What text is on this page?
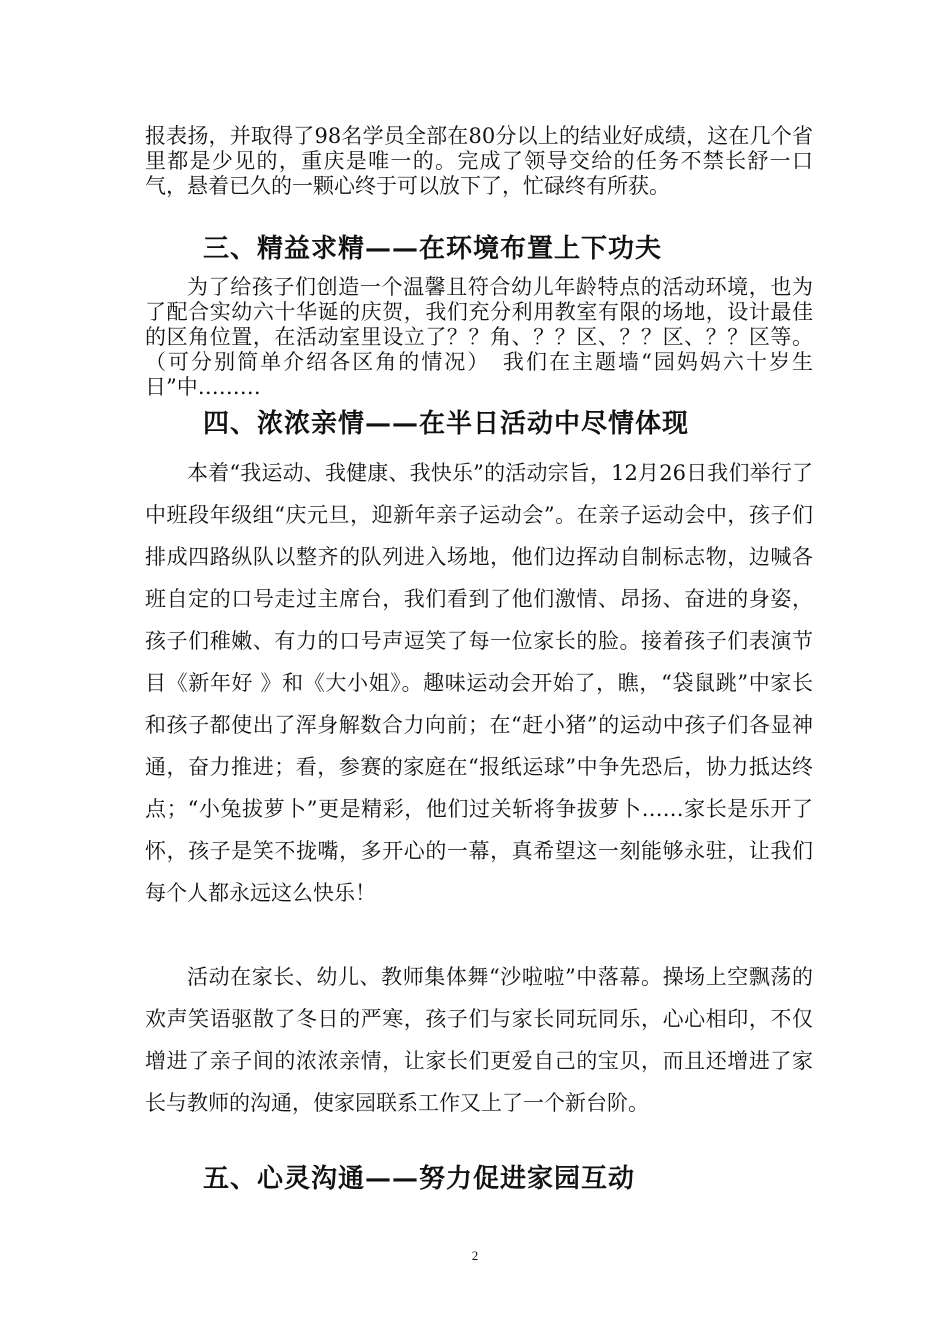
报表扬，并取得了98名学员全部在80分以上的结业好成绩，这在几个省里都是少见的，重庆是唯一的。完成了领导交给的任务不禁长舒一口气，悬着已久的一颗心终于可以放下了，忙碌终有所获。

三、精益求精——在环境布置上下功夫

为了给孩子们创造一个温馨且符合幼儿年龄特点的活动环境，也为了配合实幼六十华诞的庆贺，我们充分利用教室有限的场地，设计最佳的区角位置，在活动室里设立了？？角、？？区、？？区、？？区等。（可分别简单介绍各区角的情况）　我们在主题墙“园妈妈六十岁生日”中………

四、浓浓亲情——在半日活动中尽情体现

本着“我运动、我健康、我快乐”的活动宗旨，12月26日我们举行了中班段年级组“庆元旦，迎新年亲子运动会”。在亲子运动会中，孩子们排成四路纵队以整齐的队列进入场地，他们边挥动自制标志物，边喊各班自定的口号走过主席台，我们看到了他们激情、昂扬、奋进的身姿，孩子们稚嫩、有力的口号声逗笑了每一位家长的脸。接着孩子们表演节目《新年好 》和《大小姐》。趣味运动会开始了，瞧，“袋鼠跳”中家长和孩子都使出了浑身解数合力向前；在“赶小猪”的运动中孩子们各显神通，奋力推进；看，参赛的家庭在“报纸运球”中争先恐后，协力抵达终点；“小兔拔萝卜”更是精彩，他们过关斩将争拔萝卜……家长是乐开了怀，孩子是笑不拢嘴，多开心的一幕，真希望这一刻能够永驻，让我们每个人都永远这么快乐！

活动在家长、幼儿、教师集体舞“沙啦啦”中落幕。操场上空飘荡的欢声笑语驱散了冬日的严寒，孩子们与家长同玩同乐，心心相印，不仅增进了亲子间的浓浓亲情，让家长们更爱自己的宝贝，而且还增进了家长与教师的沟通，使家园联系工作又上了一个新台阶。

五、心灵沟通——努力促进家园互动
2
